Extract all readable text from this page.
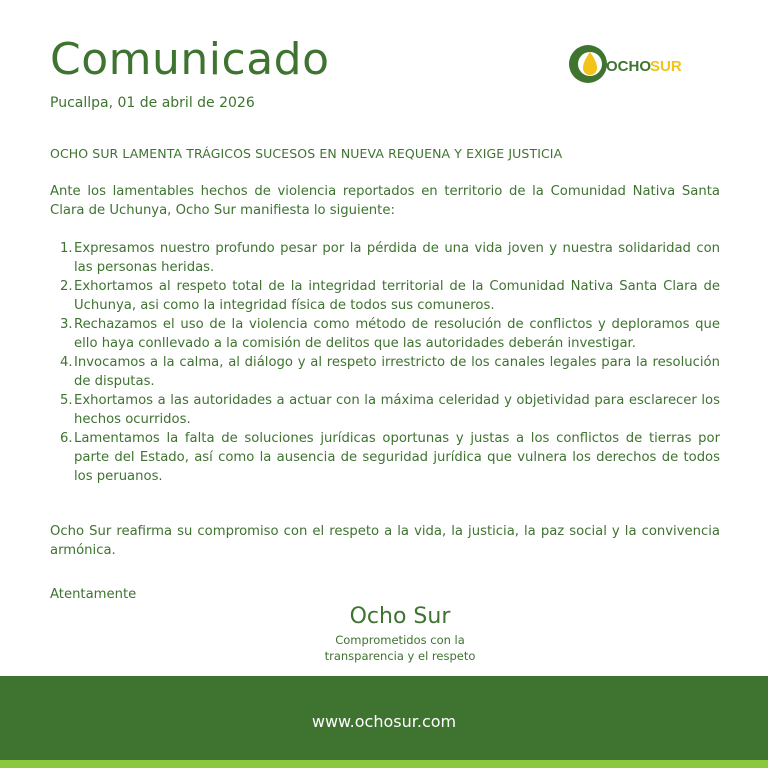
Comunicado
Pucallpa, 01 de abril de 2026
OCHO SUR
OCHO SUR LAMENTA TRÁGICOS SUCESOS EN NUEVA REQUENA Y EXIGE JUSTICIA

Ante los lamentables hechos de violencia reportados en territorio de la Comunidad Nativa Santa Clara de Uchunya, Ocho Sur manifiesta lo siguiente:

1. Expresamos nuestro profundo pesar por la pérdida de una vida joven y nuestra solidaridad con las personas heridas.
2. Exhortamos al respeto total de la integridad territorial de la Comunidad Nativa Santa Clara de Uchunya, asi como la integridad física de todos sus comuneros.
3. Rechazamos el uso de la violencia como método de resolución de conflictos y deploramos que ello haya conllevado a la comisión de delitos que las autoridades deberán investigar.
4. Invocamos a la calma, al diálogo y al respeto irrestricto de los canales legales para la resolución de disputas.
5. Exhortamos a las autoridades a actuar con la máxima celeridad y objetividad para esclarecer los hechos ocurridos.
6. Lamentamos la falta de soluciones jurídicas oportunas y justas a los conflictos de tierras por parte del Estado, así como la ausencia de seguridad jurídica que vulnera los derechos de todos los peruanos.

Ocho Sur reafirma su compromiso con el respeto a la vida, la justicia, la paz social y la convivencia armónica.

Atentamente
Ocho Sur
Comprometidos con la
transparencia y el respeto
www.ochosur.com
